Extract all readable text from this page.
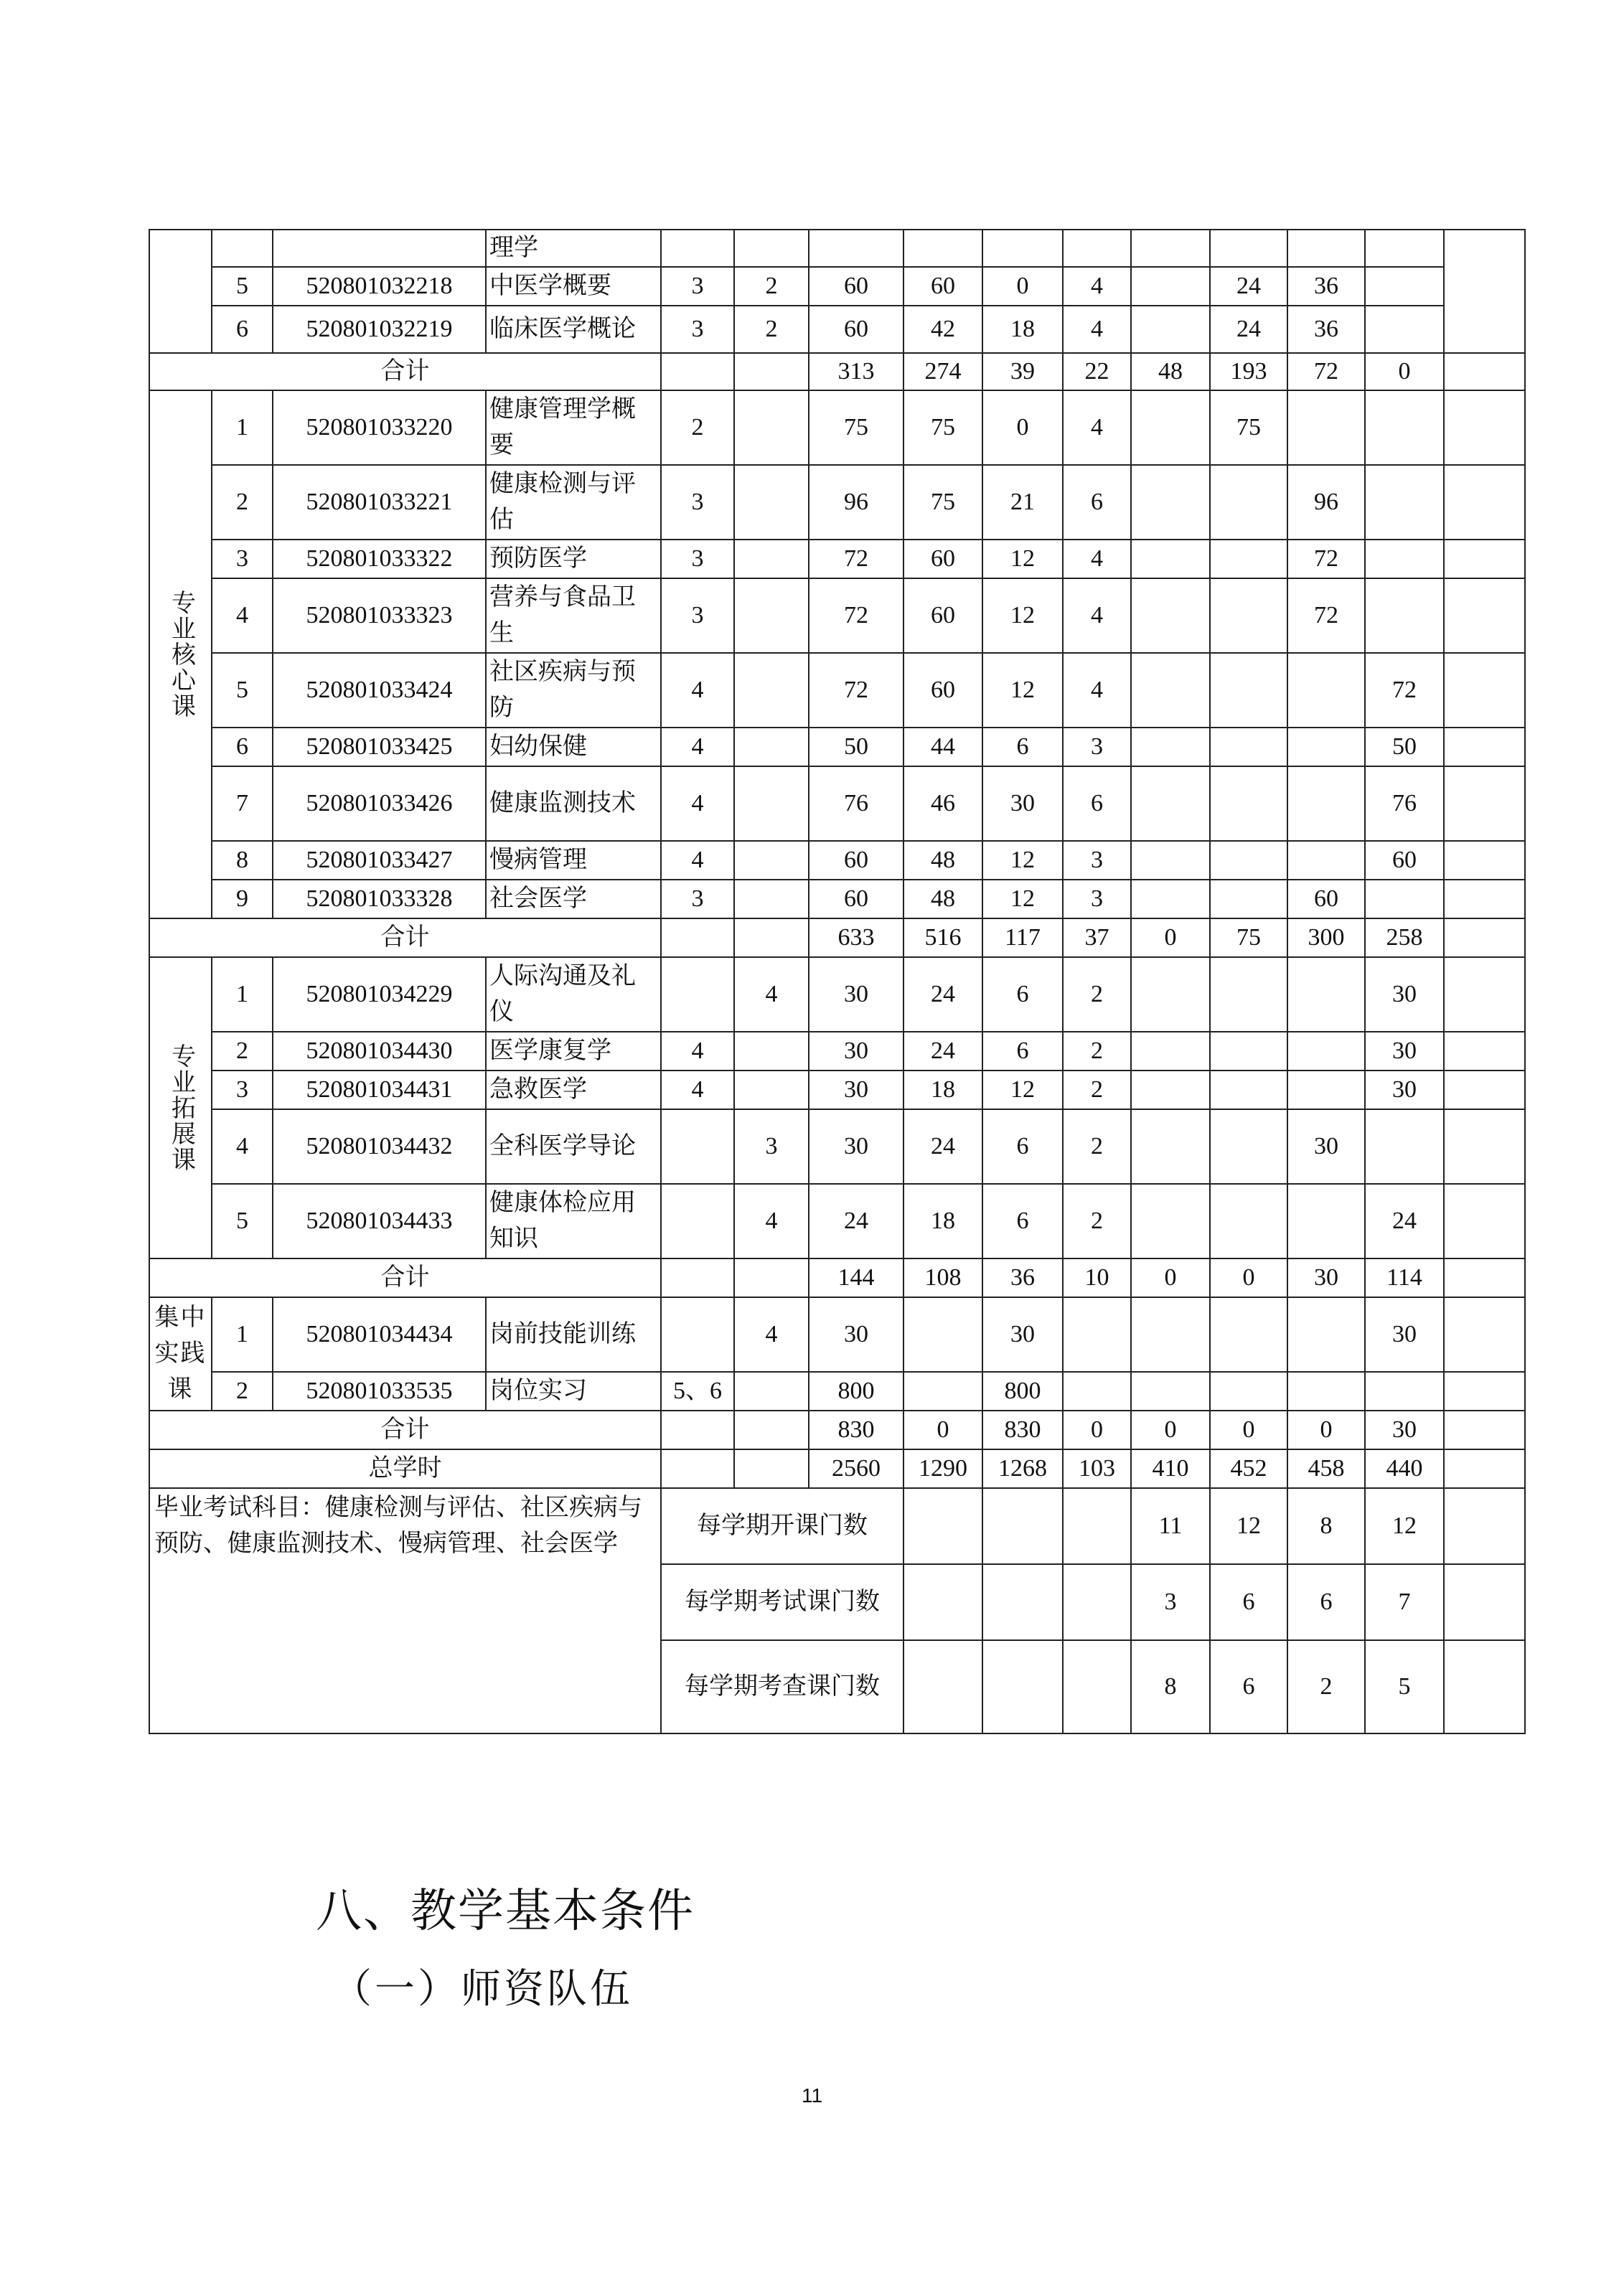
			理学											
	5	520801032218	中医学概要	3	2	60	60	0	4		24	36		
	6	520801032219	临床医学概论	3	2	60	42	18	4		24	36		
合计						313	274	39	22	48	193	72	0	
专业核心课	1	520801033220	健康管理学概要	2		75	75	0	4		75			
	2	520801033221	健康检测与评估	3		96	75	21	6			96		
	3	520801033322	预防医学	3		72	60	12	4			72		
	4	520801033323	营养与食品卫生	3		72	60	12	4			72		
	5	520801033424	社区疾病与预防	4		72	60	12	4				72	
	6	520801033425	妇幼保健	4		50	44	6	3				50	
	7	520801033426	健康监测技术	4		76	46	30	6				76	
	8	520801033427	慢病管理	4		60	48	12	3				60	
	9	520801033328	社会医学	3		60	48	12	3			60		
合计						633	516	117	37	0	75	300	258	
专业拓展课	1	520801034229	人际沟通及礼仪		4	30	24	6	2				30	
	2	520801034430	医学康复学	4		30	24	6	2				30	
	3	520801034431	急救医学	4		30	18	12	2				30	
	4	520801034432	全科医学导论		3	30	24	6	2			30		
	5	520801034433	健康体检应用知识		4	24	18	6	2				24	
合计						144	108	36	10	0	0	30	114	
集中实践课	1	520801034434	岗前技能训练		4	30		30					30	
	2	520801033535	岗位实习	5、6		800		800						
合计						830	0	830	0	0	0	0	30	
总学时						2560	1290	1268	103	410	452	458	440	
毕业考试科目：健康检测与评估、社区疾病与预防、健康监测技术、慢病管理、社会医学				每学期开课门数						11	12	8	12	
				每学期考试课门数						3	6	6	7	
				每学期考查课门数						8	6	2	5	
八、教学基本条件
（一）师资队伍
11
